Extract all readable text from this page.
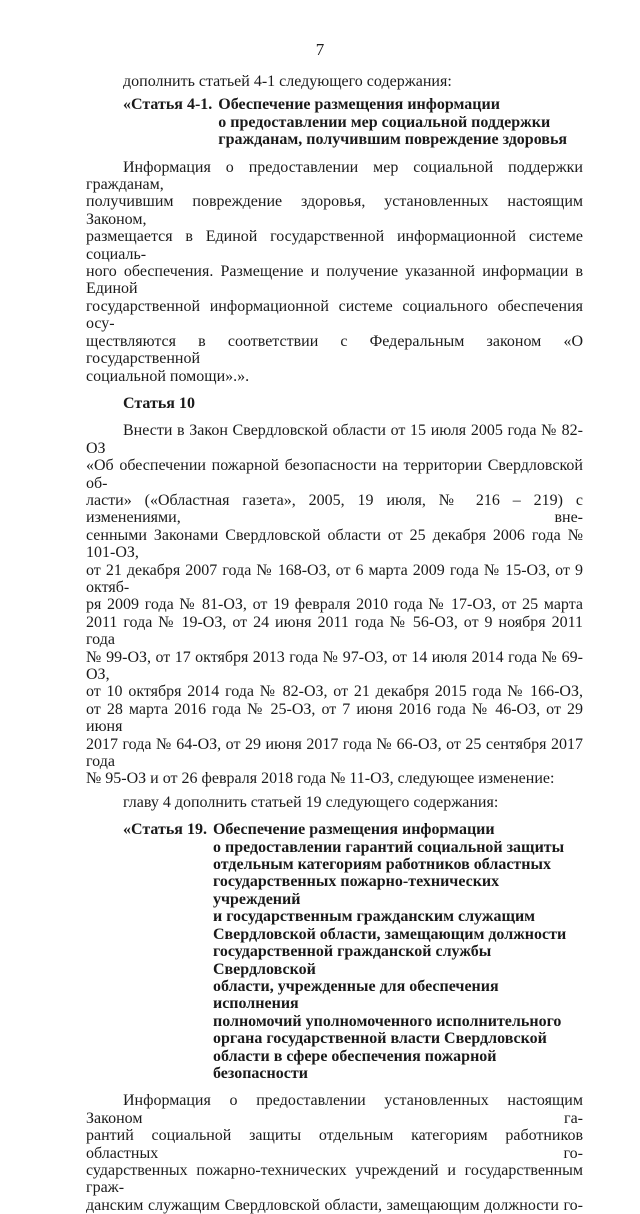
7

дополнить статьей 4-1 следующего содержания:

«Статья 4-1. Обеспечение размещения информации
о предоставлении мер социальной поддержки
гражданам, получившим повреждение здоровья

Информация о предоставлении мер социальной поддержки гражданам,

получившим повреждение здоровья, установленных настоящим Законом,

размещается в Единой государственной информационной системе социаль-

ного обеспечения. Размещение и получение указанной информации в Единой

государственной информационной системе социального обеспечения осу-

ществляются в соответствии с Федеральным законом «О государственной

социальной помощи».».

Статья 10

Внести в Закон Свердловской области от 15 июля 2005 года № 82-ОЗ

«Об обеспечении пожарной безопасности на территории Свердловской об-

ласти» («Областная газета», 2005, 19 июля, № 216 – 219) с изменениями, вне-

сенными Законами Свердловской области от 25 декабря 2006 года № 101-ОЗ,

от 21 декабря 2007 года № 168-ОЗ, от 6 марта 2009 года № 15-ОЗ, от 9 октяб-

ря 2009 года № 81-ОЗ, от 19 февраля 2010 года № 17-ОЗ, от 25 марта

2011 года № 19-ОЗ, от 24 июня 2011 года № 56-ОЗ, от 9 ноября 2011 года

№ 99-ОЗ, от 17 октября 2013 года № 97-ОЗ, от 14 июля 2014 года № 69-ОЗ,

от 10 октября 2014 года № 82-ОЗ, от 21 декабря 2015 года № 166-ОЗ,

от 28 марта 2016 года № 25-ОЗ, от 7 июня 2016 года № 46-ОЗ, от 29 июня

2017 года № 64-ОЗ, от 29 июня 2017 года № 66-ОЗ, от 25 сентября 2017 года

№ 95-ОЗ и от 26 февраля 2018 года № 11-ОЗ, следующее изменение:

главу 4 дополнить статьей 19 следующего содержания:

«Статья 19. Обеспечение размещения информации
о предоставлении гарантий социальной защиты
отдельным категориям работников областных
государственных пожарно-технических учреждений
и государственным гражданским служащим
Свердловской области, замещающим должности
государственной гражданской службы Свердловской
области, учрежденные для обеспечения исполнения
полномочий уполномоченного исполнительного
органа государственной власти Свердловской
области в сфере обеспечения пожарной безопасности

Информация о предоставлении установленных настоящим Законом га-

рантий социальной защиты отдельным категориям работников областных го-

сударственных пожарно-технических учреждений и государственным граж-

данским служащим Свердловской области, замещающим должности го-
